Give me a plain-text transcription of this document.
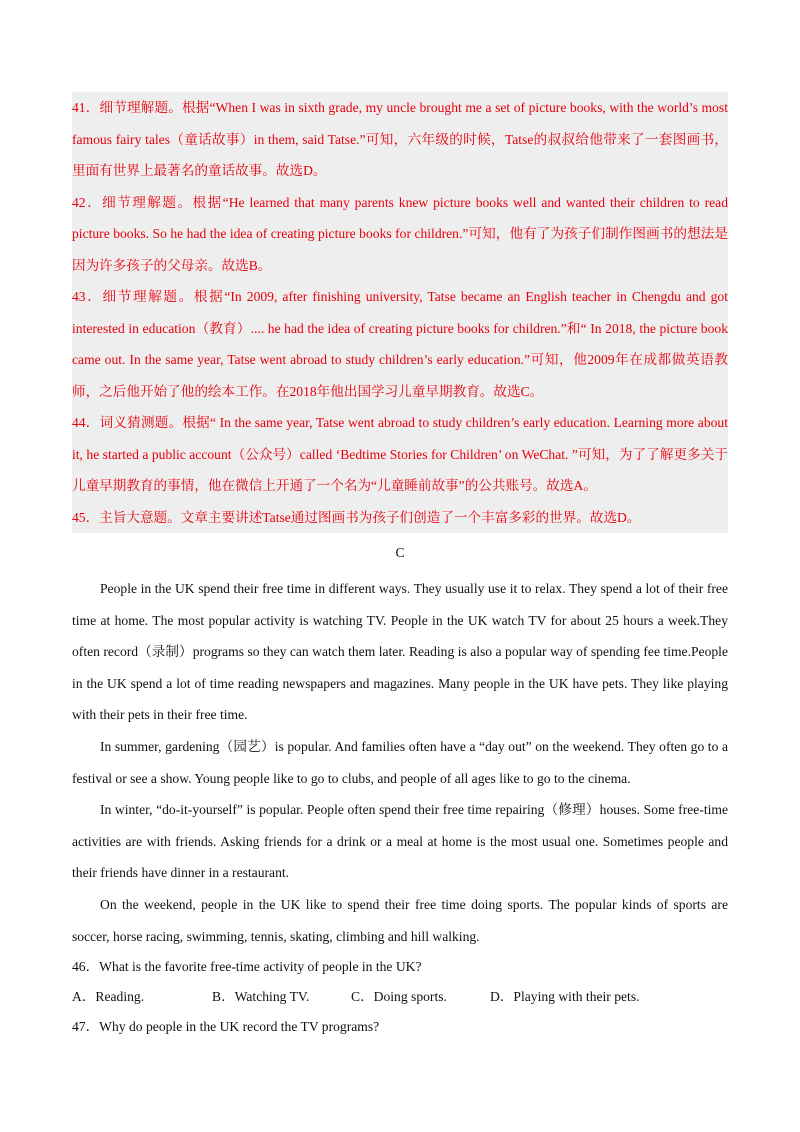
41．细节理解题。根据“When I was in sixth grade, my uncle brought me a set of picture books, with the world’s most famous fairy tales（童话故事）in them, said Tatse.”可知，六年级的时候，Tatse的叔叔给他带来了一套图画书，里面有世界上最著名的童话故事。故选D。

42．细节理解题。根据“He learned that many parents knew picture books well and wanted their children to read picture books. So he had the idea of creating picture books for children.”可知，他有了为孩子们制作图画书的想法是因为许多孩子的父母亲。故选B。

43．细节理解题。根据“In 2009, after finishing university, Tatse became an English teacher in Chengdu and got interested in education（教育）.... he had the idea of creating picture books for children.”和“ In 2018, the picture book came out. In the same year, Tatse went abroad to study children’s early education.”可知，他2009年在成都做英语教师，之后他开始了他的绘本工作。在2018年他出国学习儿童早期教育。故选C。

44．词义猜测题。根据“ In the same year, Tatse went abroad to study children’s early education. Learning more about it, he started a public account（公众号）called ‘Bedtime Stories for Children’ on WeChat. ”可知，为了了解更多关于儿童早期教育的事情，他在微信上开通了一个名为“儿童睡前故事”的公共账号。故选A。

45．主旨大意题。文章主要讲述Tatse通过图画书为孩子们创造了一个丰富多彩的世界。故选D。

C

People in the UK spend their free time in different ways. They usually use it to relax. They spend a lot of their free time at home. The most popular activity is watching TV. People in the UK watch TV for about 25 hours a week.They often record（录制）programs so they can watch them later. Reading is also a popular way of spending fee time.People in the UK spend a lot of time reading newspapers and magazines. Many people in the UK have pets. They like playing with their pets in their free time.

In summer, gardening（园艺）is popular. And families often have a “day out” on the weekend. They often go to a festival or see a show. Young people like to go to clubs, and people of all ages like to go to the cinema.

In winter, “do-it-yourself” is popular. People often spend their free time repairing（修理）houses. Some free-time activities are with friends. Asking friends for a drink or a meal at home is the most usual one. Sometimes people and their friends have dinner in a restaurant.

On the weekend, people in the UK like to spend their free time doing sports. The popular kinds of sports are soccer, horse racing, swimming, tennis, skating, climbing and hill walking.

46．What is the favorite free-time activity of people in the UK?

A．Reading.	B．Watching TV.	C．Doing sports.	D．Playing with their pets.

47．Why do people in the UK record the TV programs?
